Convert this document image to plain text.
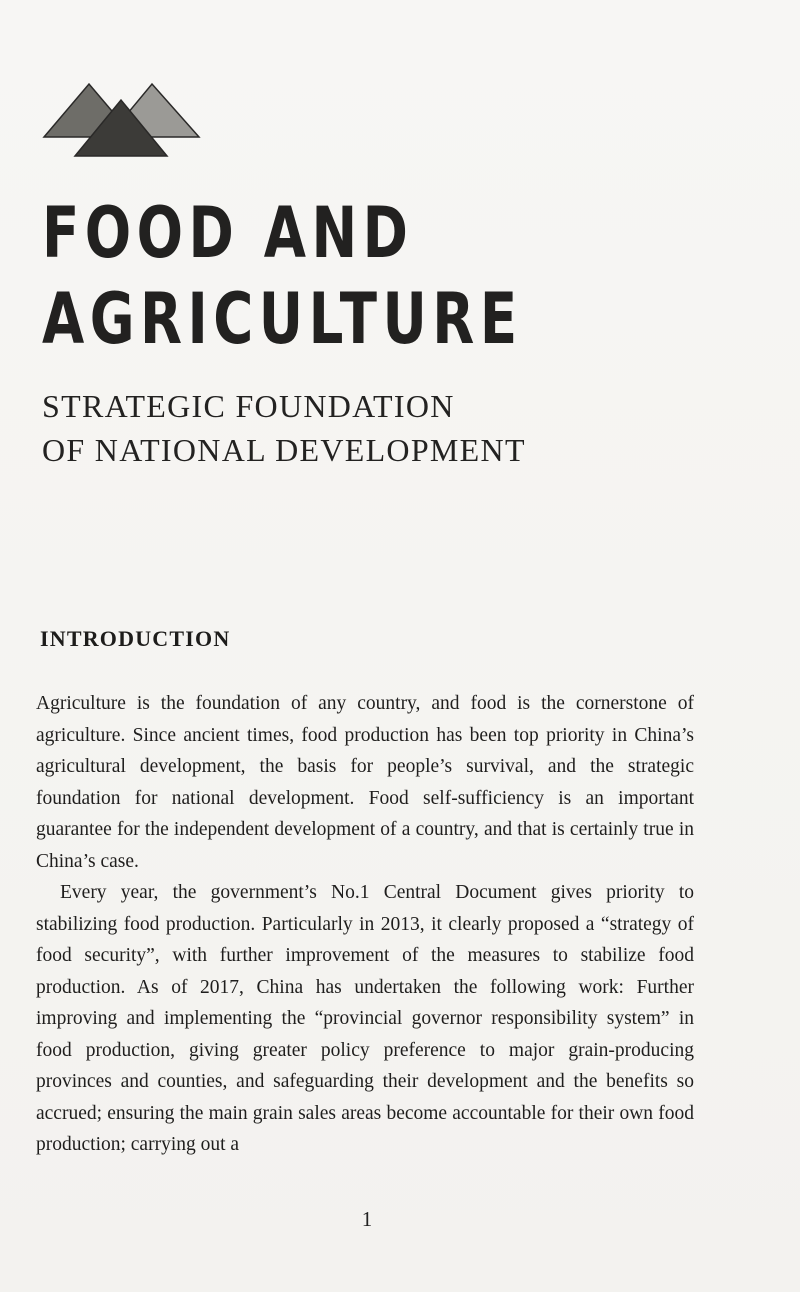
FOOD AND
AGRICULTURE
STRATEGIC FOUNDATION
OF NATIONAL DEVELOPMENT
INTRODUCTION

Agriculture is the foundation of any country, and food is the cornerstone of agriculture. Since ancient times, food production has been top priority in China’s agricultural development, the basis for people’s survival, and the strategic foundation for national development. Food self-sufficiency is an important guarantee for the independent development of a country, and that is certainly true in China’s case.

Every year, the government’s No.1 Central Document gives priority to stabilizing food production. Particularly in 2013, it clearly proposed a “strategy of food security”, with further improvement of the measures to stabilize food production. As of 2017, China has undertaken the following work: Further improving and implementing the “provincial governor responsibility system” in food production, giving greater policy preference to major grain-producing provinces and counties, and safeguarding their development and the benefits so accrued; ensuring the main grain sales areas become accountable for their own food production; carrying out a

1
